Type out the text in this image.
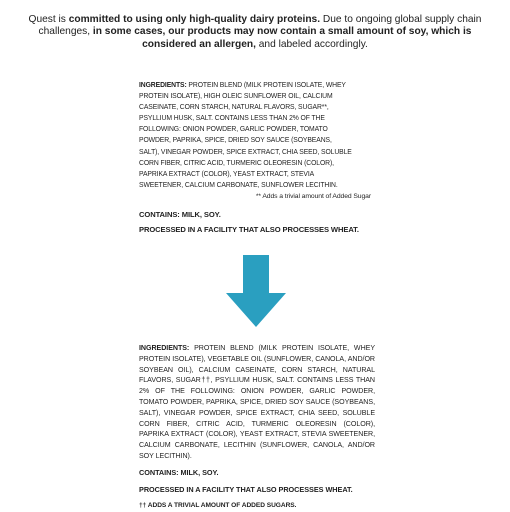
Quest is committed to using only high-quality dairy proteins. Due to ongoing global supply chain challenges, in some cases, our products may now contain a small amount of soy, which is considered an allergen, and labeled accordingly.
INGREDIENTS: PROTEIN BLEND (MILK PROTEIN ISOLATE, WHEY PROTEIN ISOLATE), HIGH OLEIC SUNFLOWER OIL, CALCIUM CASEINATE, CORN STARCH, NATURAL FLAVORS, SUGAR**, PSYLLIUM HUSK, SALT. CONTAINS LESS THAN 2% OF THE FOLLOWING: ONION POWDER, GARLIC POWDER, TOMATO POWDER, PAPRIKA, SPICE, DRIED SOY SAUCE (SOYBEANS, SALT), VINEGAR POWDER, SPICE EXTRACT, CHIA SEED, SOLUBLE CORN FIBER, CITRIC ACID, TURMERIC OLEORESIN (COLOR), PAPRIKA EXTRACT (COLOR), YEAST EXTRACT, STEVIA SWEETENER, CALCIUM CARBONATE, SUNFLOWER LECITHIN.
** Adds a trivial amount of Added Sugar
CONTAINS: MILK, SOY.
PROCESSED IN A FACILITY THAT ALSO PROCESSES WHEAT.
INGREDIENTS: PROTEIN BLEND (MILK PROTEIN ISOLATE, WHEY PROTEIN ISOLATE), VEGETABLE OIL (SUNFLOWER, CANOLA, AND/OR SOYBEAN OIL), CALCIUM CASEINATE, CORN STARCH, NATURAL FLAVORS, SUGAR††, PSYLLIUM HUSK, SALT. CONTAINS LESS THAN 2% OF THE FOLLOWING: ONION POWDER, GARLIC POWDER, TOMATO POWDER, PAPRIKA, SPICE, DRIED SOY SAUCE (SOYBEANS, SALT), VINEGAR POWDER, SPICE EXTRACT, CHIA SEED, SOLUBLE CORN FIBER, CITRIC ACID, TURMERIC OLEORESIN (COLOR), PAPRIKA EXTRACT (COLOR), YEAST EXTRACT, STEVIA SWEETENER, CALCIUM CARBONATE, LECITHIN (SUNFLOWER, CANOLA, AND/OR SOY LECITHIN).
CONTAINS: MILK, SOY.
PROCESSED IN A FACILITY THAT ALSO PROCESSES WHEAT.
†† ADDS A TRIVIAL AMOUNT OF ADDED SUGARS.
